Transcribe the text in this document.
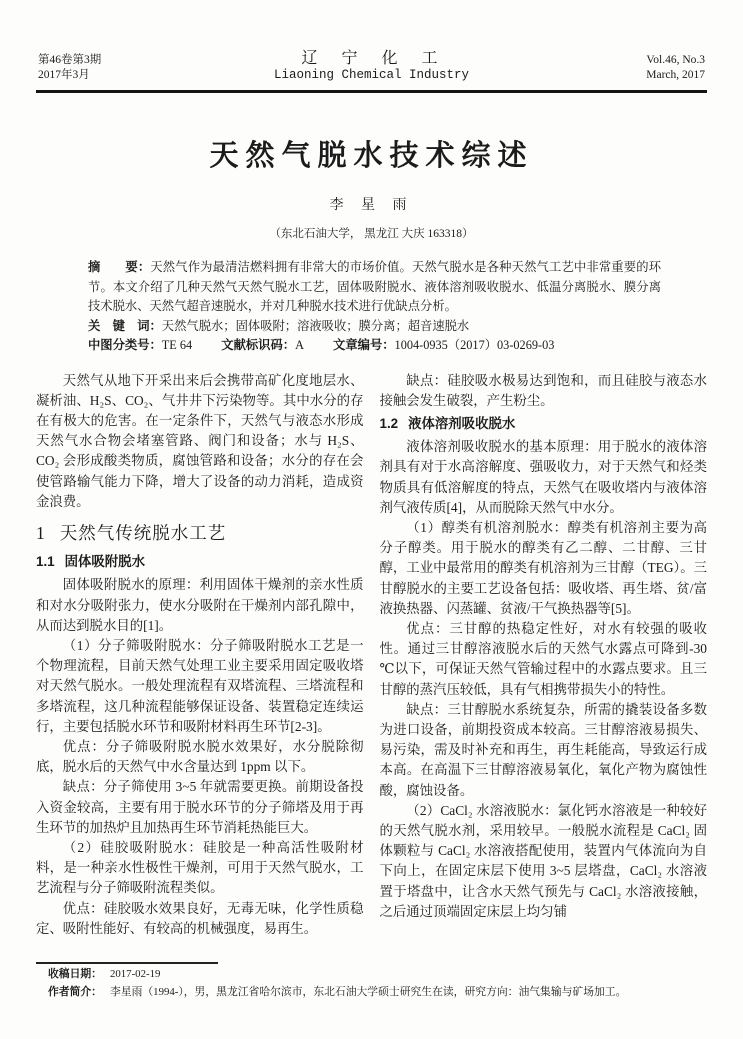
第46卷第3期
2017年3月
辽　宁　化　工
Liaoning Chemical Industry
Vol.46, No.3
March, 2017
天然气脱水技术综述
李 星 雨
（东北石油大学， 黑龙江 大庆 163318）
摘　　要：天然气作为最清洁燃料拥有非常大的市场价值。天然气脱水是各种天然气工艺中非常重要的环节。本文介绍了几种天然气天然气脱水工艺，固体吸附脱水、液体溶剂吸收脱水、低温分离脱水、膜分离技术脱水、天然气超音速脱水，并对几种脱水技术进行优缺点分析。
关　键　词：天然气脱水；固体吸附；溶液吸收；膜分离；超音速脱水
中图分类号：TE 64 文献标识码：A 文章编号：1004-0935（2017）03-0269-03

天然气从地下开采出来后会携带高矿化度地层水、凝析油、H₂S、CO₂、气井井下污染物等。其中水分的存在有极大的危害。在一定条件下，天然气与液态水形成天然气水合物会堵塞管路、阀门和设备；水与 H₂S、CO₂ 会形成酸类物质，腐蚀管路和设备；水分的存在会使管路输气能力下降，增大了设备的动力消耗，造成资金浪费。

1 天然气传统脱水工艺
1.1 固体吸附脱水

固体吸附脱水的原理：利用固体干燥剂的亲水性质和对水分吸附张力，使水分吸附在干燥剂内部孔隙中，从而达到脱水目的[1]。

（1）分子筛吸附脱水：分子筛吸附脱水工艺是一个物理流程，目前天然气处理工业主要采用固定吸收塔对天然气脱水。一般处理流程有双塔流程、三塔流程和多塔流程，这几种流程能够保证设备、装置稳定连续运行，主要包括脱水环节和吸附材料再生环节[2-3]。

优点：分子筛吸附脱水脱水效果好，水分脱除彻底，脱水后的天然气中水含量达到 1ppm 以下。

缺点：分子筛使用 3~5 年就需要更换。前期设备投入资金较高，主要有用于脱水环节的分子筛塔及用于再生环节的加热炉且加热再生环节消耗热能巨大。

（2）硅胶吸附脱水：硅胶是一种高活性吸附材料，是一种亲水性极性干燥剂，可用于天然气脱水，工艺流程与分子筛吸附流程类似。

优点：硅胶吸水效果良好，无毒无味，化学性质稳定、吸附性能好、有较高的机械强度，易再生。

缺点：硅胶吸水极易达到饱和，而且硅胶与液态水接触会发生破裂，产生粉尘。

1.2 液体溶剂吸收脱水

液体溶剂吸收脱水的基本原理：用于脱水的液体溶剂具有对于水高溶解度、强吸收力，对于天然气和烃类物质具有低溶解度的特点，天然气在吸收塔内与液体溶剂气液传质[4]，从而脱除天然气中水分。

（1）醇类有机溶剂脱水：醇类有机溶剂主要为高分子醇类。用于脱水的醇类有乙二醇、二甘醇、三甘醇，工业中最常用的醇类有机溶剂为三甘醇（TEG）。三甘醇脱水的主要工艺设备包括：吸收塔、再生塔、贫/富液换热器、闪蒸罐、贫液/干气换热器等[5]。

优点：三甘醇的热稳定性好，对水有较强的吸收性。通过三甘醇溶液脱水后的天然气水露点可降到-30 ℃以下，可保证天然气管输过程中的水露点要求。且三甘醇的蒸汽压较低，具有气相携带损失小的特性。

缺点：三甘醇脱水系统复杂，所需的撬装设备多数为进口设备，前期投资成本较高。三甘醇溶液易损失、易污染，需及时补充和再生，再生耗能高，导致运行成本高。在高温下三甘醇溶液易氧化，氧化产物为腐蚀性酸，腐蚀设备。

（2）CaCl₂ 水溶液脱水：氯化钙水溶液是一种较好的天然气脱水剂，采用较早。一般脱水流程是 CaCl₂ 固体颗粒与 CaCl₂ 水溶液搭配使用，装置内气体流向为自下向上，在固定床层下使用 3~5 层塔盘，CaCl₂ 水溶液置于塔盘中，让含水天然气预先与 CaCl₂ 水溶液接触，之后通过顶端固定床层上均匀铺

收稿日期： 2017-02-19
作者简介： 李星雨（1994-），男，黑龙江省哈尔滨市，东北石油大学硕士研究生在读，研究方向：油气集输与矿场加工。
